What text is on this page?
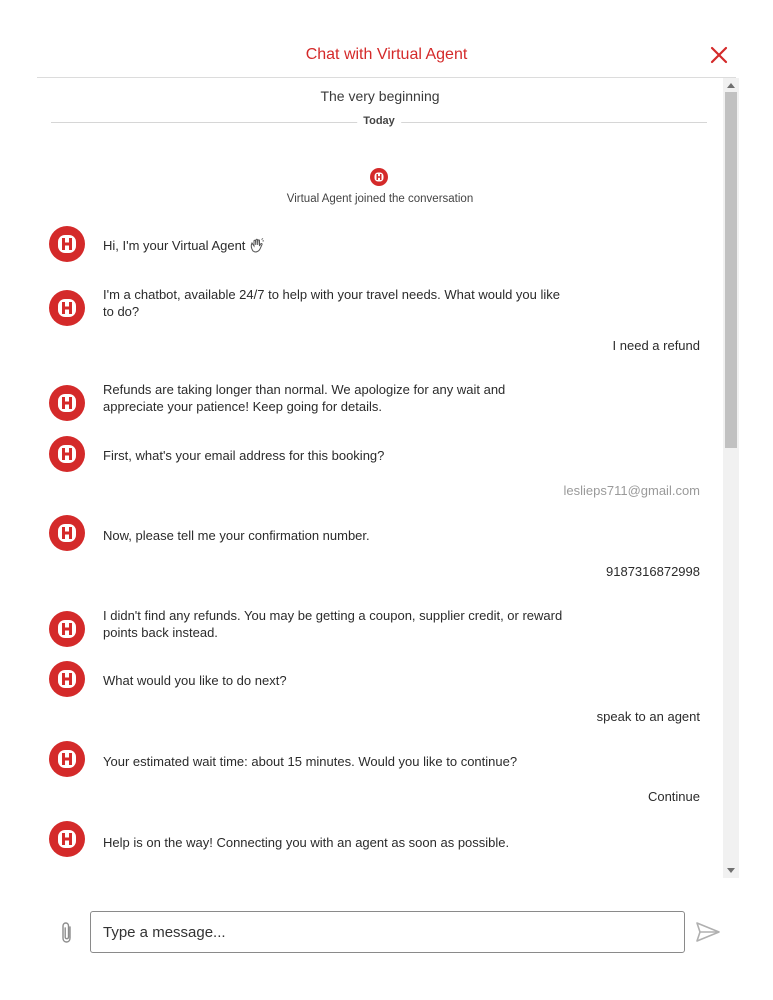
Chat with Virtual Agent
The very beginning
Today
Virtual Agent joined the conversation
Hi, I'm your Virtual Agent
I'm a chatbot, available 24/7 to help with your travel needs. What would you like to do?
I need a refund
Refunds are taking longer than normal. We apologize for any wait and appreciate your patience! Keep going for details.
First, what's your email address for this booking?
leslieps711@gmail.com
Now, please tell me your confirmation number.
9187316872998
I didn't find any refunds. You may be getting a coupon, supplier credit, or reward points back instead.
What would you like to do next?
speak to an agent
Your estimated wait time: about 15 minutes. Would you like to continue?
Continue
Help is on the way! Connecting you with an agent as soon as possible.
Type a message...
